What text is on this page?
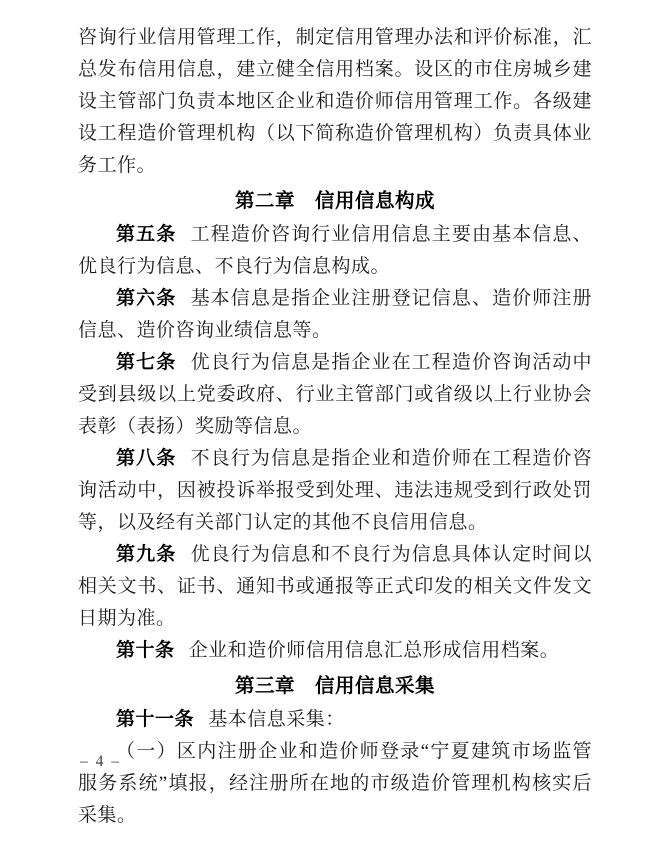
咨询行业信用管理工作，制定信用管理办法和评价标准，汇总发布信用信息，建立健全信用档案。设区的市住房城乡建设主管部门负责本地区企业和造价师信用管理工作。各级建设工程造价管理机构（以下简称造价管理机构）负责具体业务工作。

第二章　信用信息构成

第五条 工程造价咨询行业信用信息主要由基本信息、优良行为信息、不良行为信息构成。

第六条 基本信息是指企业注册登记信息、造价师注册信息、造价咨询业绩信息等。

第七条 优良行为信息是指企业在工程造价咨询活动中受到县级以上党委政府、行业主管部门或省级以上行业协会表彰（表扬）奖励等信息。

第八条 不良行为信息是指企业和造价师在工程造价咨询活动中，因被投诉举报受到处理、违法违规受到行政处罚等，以及经有关部门认定的其他不良信用信息。

第九条 优良行为信息和不良行为信息具体认定时间以相关文书、证书、通知书或通报等正式印发的相关文件发文日期为准。

第十条 企业和造价师信用信息汇总形成信用档案。

第三章　信用信息采集

第十一条 基本信息采集：

（一）区内注册企业和造价师登录“宁夏建筑市场监管服务系统”填报，经注册所在地的市级造价管理机构核实后采集。

– 4 –
